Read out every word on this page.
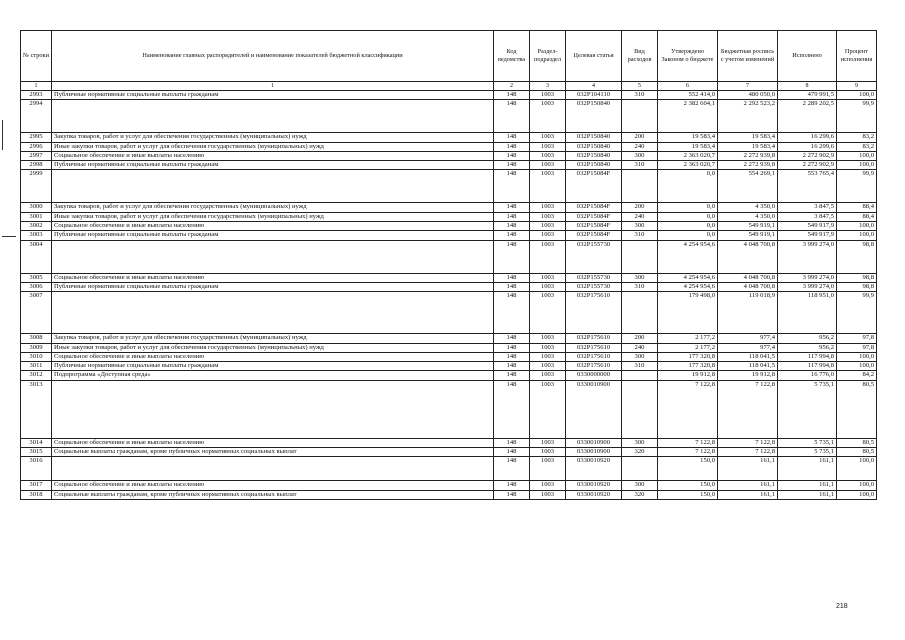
№ строки	Наименование главных распорядителей и наименование показателей бюджетной классификации	Код ведомства	Раздел-подраздел	Целевая статья	Вид расходов	Утверждено Законом о бюджете	Бюджетная роспись с учетом изменений	Исполнено	Процент исполнения
1	1	2	3	4	5	6	7	8	9
2993	Публичные нормативные социальные выплаты гражданам	148	1003	032Р104110	310	552 414,0	480 050,0	479 991,5	100,0
2994		148	1003	032Р150840		2 382 604,1	2 292 523,2	2 289 202,5	99,9
2995	Закупка товаров, работ и услуг для обеспечения государственных (муниципальных) нужд	148	1003	032Р150840	200	19 583,4	19 583,4	16 299,6	83,2
2996	Иные закупки товаров, работ и услуг для обеспечения государственных (муниципальных) нужд	148	1003	032Р150840	240	19 583,4	19 583,4	16 299,6	83,2
2997	Социальное обеспечение и иные выплаты населению	148	1003	032Р150840	300	2 363 020,7	2 272 939,8	2 272 902,9	100,0
2998	Публичные нормативные социальные выплаты гражданам	148	1003	032Р150840	310	2 363 020,7	2 272 939,8	2 272 902,9	100,0
2999		148	1003	032Р15084F		0,0	554 269,1	553 765,4	99,9
3000	Закупка товаров, работ и услуг для обеспечения государственных (муниципальных) нужд	148	1003	032Р15084F	200	0,0	4 350,0	3 847,5	88,4
3001	Иные закупки товаров, работ и услуг для обеспечения государственных (муниципальных) нужд	148	1003	032Р15084F	240	0,0	4 350,0	3 847,5	88,4
3002	Социальное обеспечение и иные выплаты населению	148	1003	032Р15084F	300	0,0	549 919,1	549 917,9	100,0
3003	Публичные нормативные социальные выплаты гражданам	148	1003	032Р15084F	310	0,0	549 919,1	549 917,9	100,0
3004		148	1003	032Р155730		4 254 954,6	4 048 700,8	3 999 274,0	98,8
3005	Социальное обеспечение и иные выплаты населению	148	1003	032Р155730	300	4 254 954,6	4 048 700,8	3 999 274,0	98,8
3006	Публичные нормативные социальные выплаты гражданам	148	1003	032Р155730	310	4 254 954,6	4 048 700,8	3 999 274,0	98,8
3007		148	1003	032Р175610		179 498,0	119 018,9	118 951,0	99,9
3008	Закупка товаров, работ и услуг для обеспечения государственных (муниципальных) нужд	148	1003	032Р175610	200	2 177,2	977,4	956,2	97,8
3009	Иные закупки товаров, работ и услуг для обеспечения государственных (муниципальных) нужд	148	1003	032Р175610	240	2 177,2	977,4	956,2	97,8
3010	Социальное обеспечение и иные выплаты населению	148	1003	032Р175610	300	177 320,8	118 041,5	117 994,8	100,0
3011	Публичные нормативные социальные выплаты гражданам	148	1003	032Р175610	310	177 320,8	118 041,5	117 994,8	100,0
3012	Подпрограмма «Доступная среда»	148	1003	0330000000		19 912,8	19 912,8	16 776,0	84,2
3013		148	1003	0330010900		7 122,8	7 122,8	5 735,1	80,5
3014	Социальное обеспечение и иные выплаты населению	148	1003	0330010900	300	7 122,8	7 122,8	5 735,1	80,5
3015	Социальные выплаты гражданам, кроме публичных нормативных социальных выплат	148	1003	0330010900	320	7 122,8	7 122,8	5 735,1	80,5
3016		148	1003	0330010920		150,0	161,1	161,1	100,0
3017	Социальное обеспечение и иные выплаты населению	148	1003	0330010920	300	150,0	161,1	161,1	100,0
3018	Социальные выплаты гражданам, кроме публичных нормативных социальных выплат	148	1003	0330010920	320	150,0	161,1	161,1	100,0
218
